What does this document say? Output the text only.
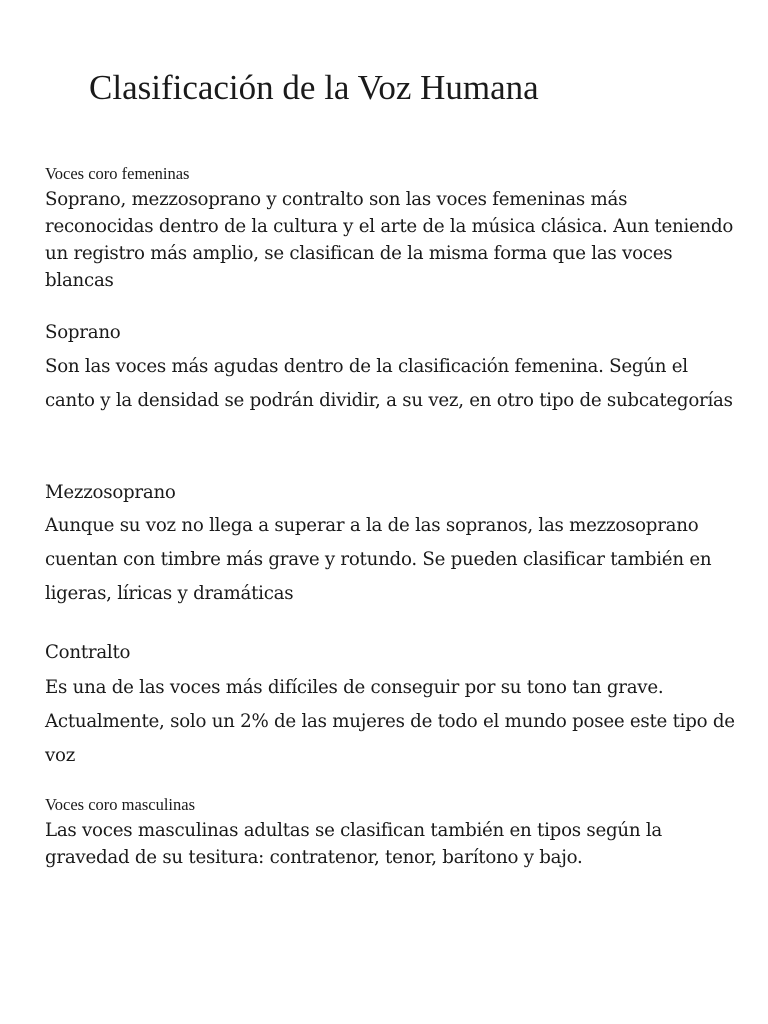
Clasificación de la Voz Humana

Voces coro femeninas

Soprano, mezzosoprano y contralto son las voces femeninas más reconocidas dentro de la cultura y el arte de la música clásica. Aun teniendo un registro más amplio, se clasifican de la misma forma que las voces blancas

Soprano

Son las voces más agudas dentro de la clasificación femenina. Según el canto y la densidad se podrán dividir, a su vez, en otro tipo de subcategorías

Mezzosoprano

Aunque su voz no llega a superar a la de las sopranos, las mezzosoprano cuentan con timbre más grave y rotundo. Se pueden clasificar también en ligeras, líricas y dramáticas

Contralto

Es una de las voces más difíciles de conseguir por su tono tan grave. Actualmente, solo un 2% de las mujeres de todo el mundo posee este tipo de voz

Voces coro masculinas

Las voces masculinas adultas se clasifican también en tipos según la gravedad de su tesitura: contratenor, tenor, barítono y bajo.
